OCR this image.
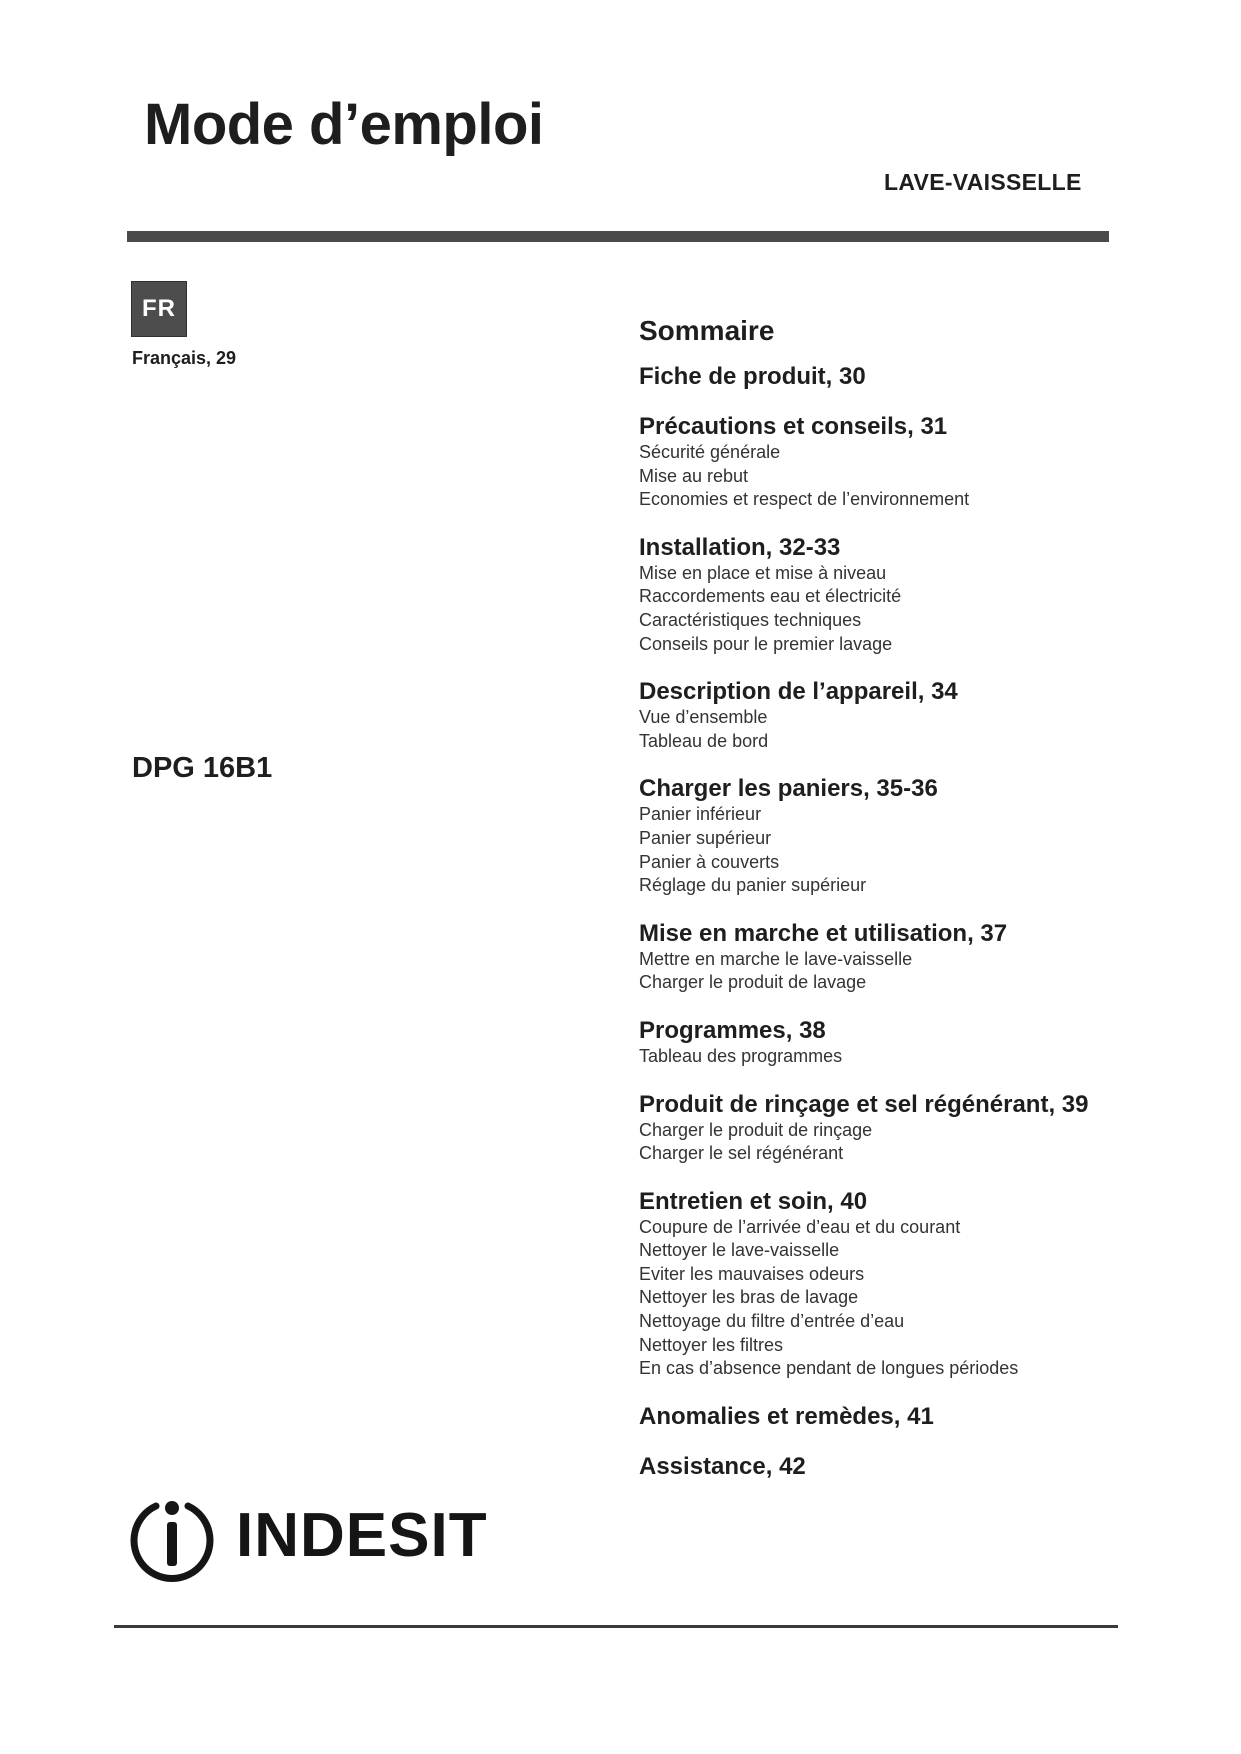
Mode d’emploi
LAVE-VAISSELLE
FR
Français, 29
DPG 16B1
Sommaire
Fiche de produit, 30
Précautions et conseils, 31
Sécurité générale
Mise au rebut
Economies et respect de l’environnement
Installation, 32-33
Mise en place et mise à niveau
Raccordements eau et électricité
Caractéristiques techniques
Conseils pour le premier lavage
Description de l’appareil, 34
Vue d’ensemble
Tableau de bord
Charger les paniers, 35-36
Panier inférieur
Panier supérieur
Panier à couverts
Réglage du panier supérieur
Mise en marche et utilisation, 37
Mettre en marche le lave-vaisselle
Charger le produit de lavage
Programmes, 38
Tableau des programmes
Produit de rinçage et sel régénérant, 39
Charger le produit de rinçage
Charger le sel régénérant
Entretien et soin, 40
Coupure de l’arrivée d’eau et du courant
Nettoyer le lave-vaisselle
Eviter les mauvaises odeurs
Nettoyer les bras de lavage
Nettoyage du filtre d’entrée d’eau
Nettoyer les filtres
En cas d’absence pendant de longues périodes
Anomalies et remèdes, 41
Assistance, 42
INDESIT
